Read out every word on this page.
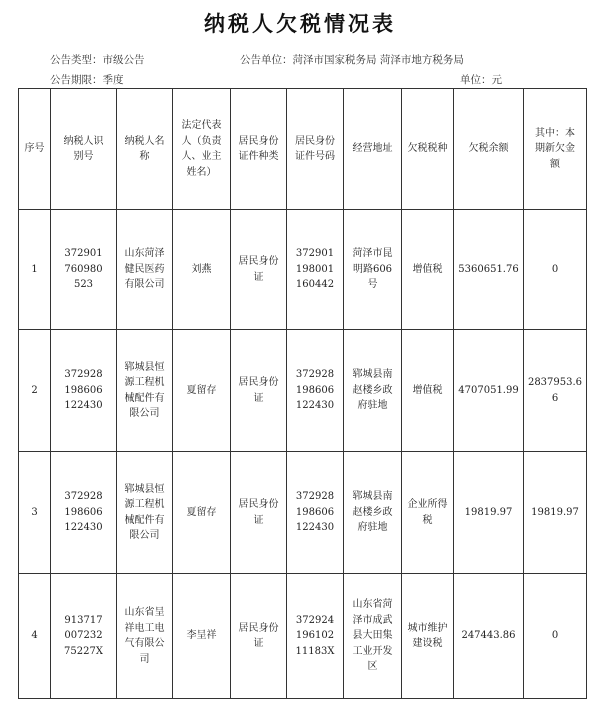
纳税人欠税情况表
公告类型：市级公告	公告单位：菏泽市国家税务局 菏泽市地方税务局
公告期限：季度	单位：元
序号	纳税人识别号	纳税人名称	法定代表人（负责人、业主姓名）	居民身份证件种类	居民身份证件号码	经营地址	欠税税种	欠税余额	其中：本期新欠金额
1	372901760980523	山东菏泽健民医药有限公司	刘燕	居民身份证	372901198001160442	菏泽市昆明路606号	增值税	5360651.76	0
2	372928198606122430	郓城县恒源工程机械配件有限公司	夏留存	居民身份证	372928198606122430	郓城县南赵楼乡政府驻地	增值税	4707051.99	2837953.66
3	372928198606122430	郓城县恒源工程机械配件有限公司	夏留存	居民身份证	372928198606122430	郓城县南赵楼乡政府驻地	企业所得税	19819.97	19819.97
4	91371700723275227X	山东省呈祥电工电气有限公司	李呈祥	居民身份证	37292419610211183X	山东省菏泽市成武县大田集工业开发区	城市维护建设税	247443.86	0
